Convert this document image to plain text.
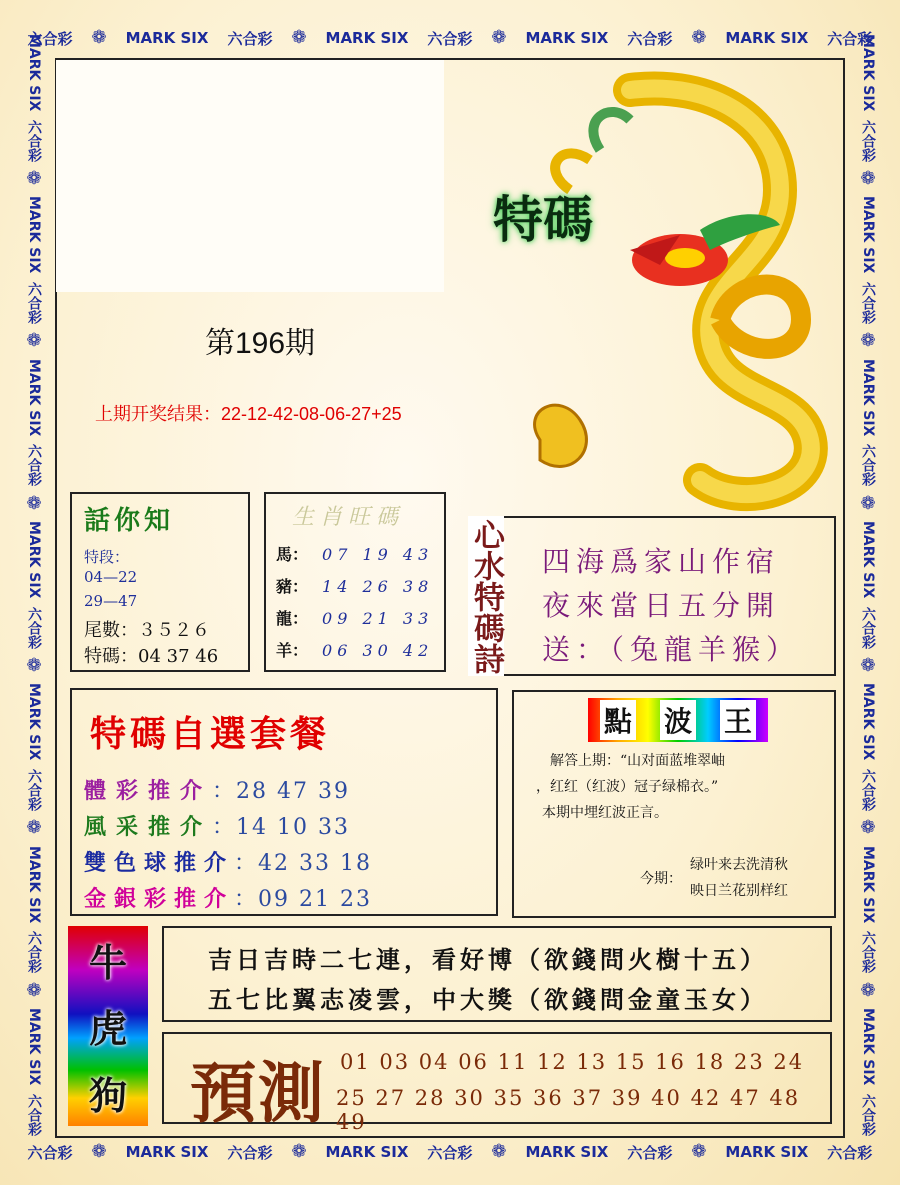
六合彩 ❁ MARK SIX 六合彩 ❁ MARK SIX 六合彩 ❁ MARK SIX 六合彩 ❁ MARK SIX 六合彩
六合彩 ❁ MARK SIX 六合彩 ❁ MARK SIX 六合彩 ❁ MARK SIX 六合彩 ❁ MARK SIX 六合彩
MARK SIX
六合彩
❁
MARK SIX
六合彩
❁
MARK SIX
六合彩
❁
MARK SIX
六合彩
❁
MARK SIX
六合彩
❁
MARK SIX
六合彩
❁
MARK SIX
六合彩
MARK SIX
六合彩
❁
MARK SIX
六合彩
❁
MARK SIX
六合彩
❁
MARK SIX
六合彩
❁
MARK SIX
六合彩
❁
MARK SIX
六合彩
❁
MARK SIX
六合彩
特碼
第196期
上期开奖结果：22-12-42-08-06-27+25
話你知
特段：
04—22
29—47
尾數：３５２６
特碼：04 37 46
生肖旺碼
馬： 07 19 43
豬： 14 26 38
龍： 09 21 33
羊： 06 30 42
四海爲家山作宿
夜來當日五分開
送：（兔龍羊猴）
心水特碼詩
特碼自選套餐
體彩推介：28 47 39
風采推介：14 10 33
雙色球推介：42 33 18
金銀彩推介：09 21 23
點 波 王
解答上期：“山对面蓝堆翠岫
，红红（红波）冠子绿棉衣。”
本期中埋红波正言。
今期：
绿叶来去洗清秋
映日兰花别样红
牛
虎
狗
吉日吉時二七連，看好博（欲錢問火樹十五）
五七比翼志凌雲，中大獎（欲錢問金童玉女）
預測 01 03 04 06 11 12 13 15 16 18 23 24
25 27 28 30 35 36 37 39 40 42 47 48 49
